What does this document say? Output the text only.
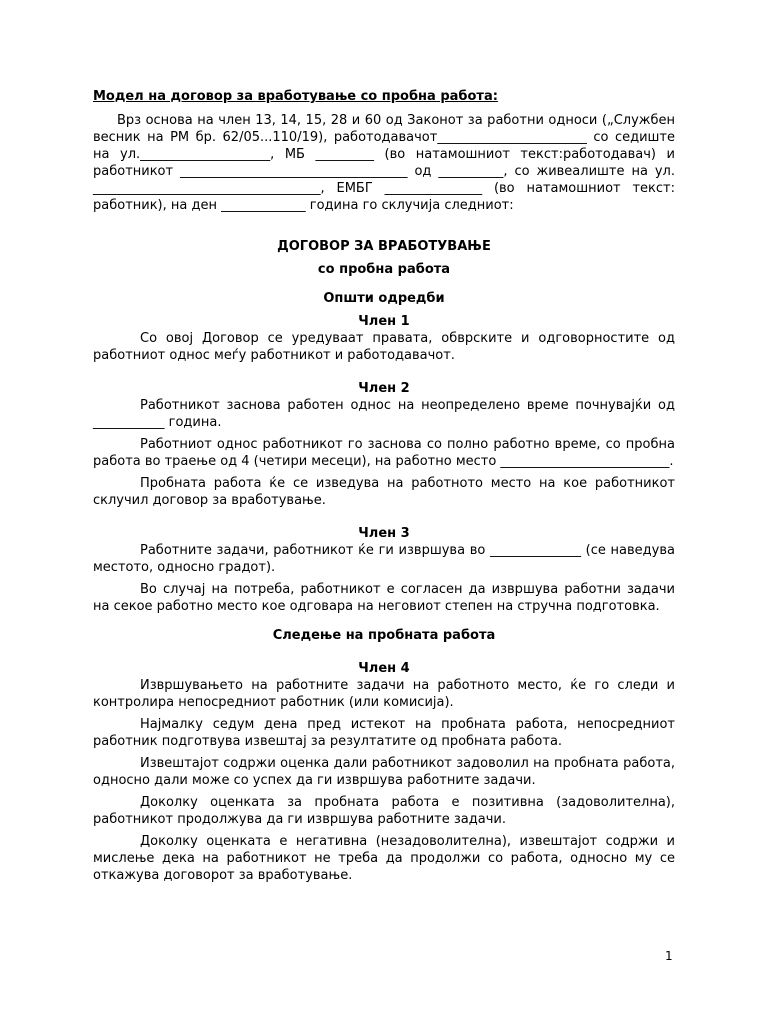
Модел на договор за вработување со пробна работа:

Врз основа на член 13, 14, 15, 28 и 60 од Законот за работни односи („Службен весник на РМ бр. 62/05...110/19), работодавачот_______________________ со седиште на ул.____________________, МБ _________ (во натамошниот текст:работодавач) и работникот ___________________________________ од __________, со живеалиште на ул. ___________________________________, ЕМБГ _______________ (во натамошниот текст: работник), на ден _____________ година го склучија следниот:

ДОГОВОР ЗА ВРАБОТУВАЊЕ

со пробна работа

Општи одредби

Член 1

Со овој Договор се уредуваат правата, обврските и одговорностите од работниот однос меѓу работникот и работодавачот.

Член 2

Работникот заснова работен однос на неопределено време почнувајќи од ___________ година.

Работниот однос работникот го заснова со полно работно време, со пробна работа во траење од 4 (четири месеци), на работно место __________________________.

Пробната работа ќе се изведува на работното место на кое работникот склучил договор за вработување.

Член 3

Работните задачи, работникот ќе ги извршува во ______________ (се наведува местото, односно градот).

Во случај на потреба, работникот е согласен да извршува работни задачи на секое работно место кое одговара на неговиот степен на стручна подготовка.

Следење на пробната работа

Член 4

Извршувањето на работните задачи на работното место, ќе го следи и контролира непосредниот работник (или комисија).

Најмалку седум дена пред истекот на пробната работа, непосредниот работник подготвува извештај за резултатите од пробната работа.

Извештајот содржи оценка дали работникот задоволил на пробната работа, односно дали може со успех да ги извршува работните задачи.

Доколку оценката за пробната работа е позитивна (задоволителна), работникот продолжува да ги извршува работните задачи.

Доколку оценката е негативна (незадоволителна), извештајот содржи и мислење дека на работникот не треба да продолжи со работа, односно му се откажува договорот за вработување.

1
